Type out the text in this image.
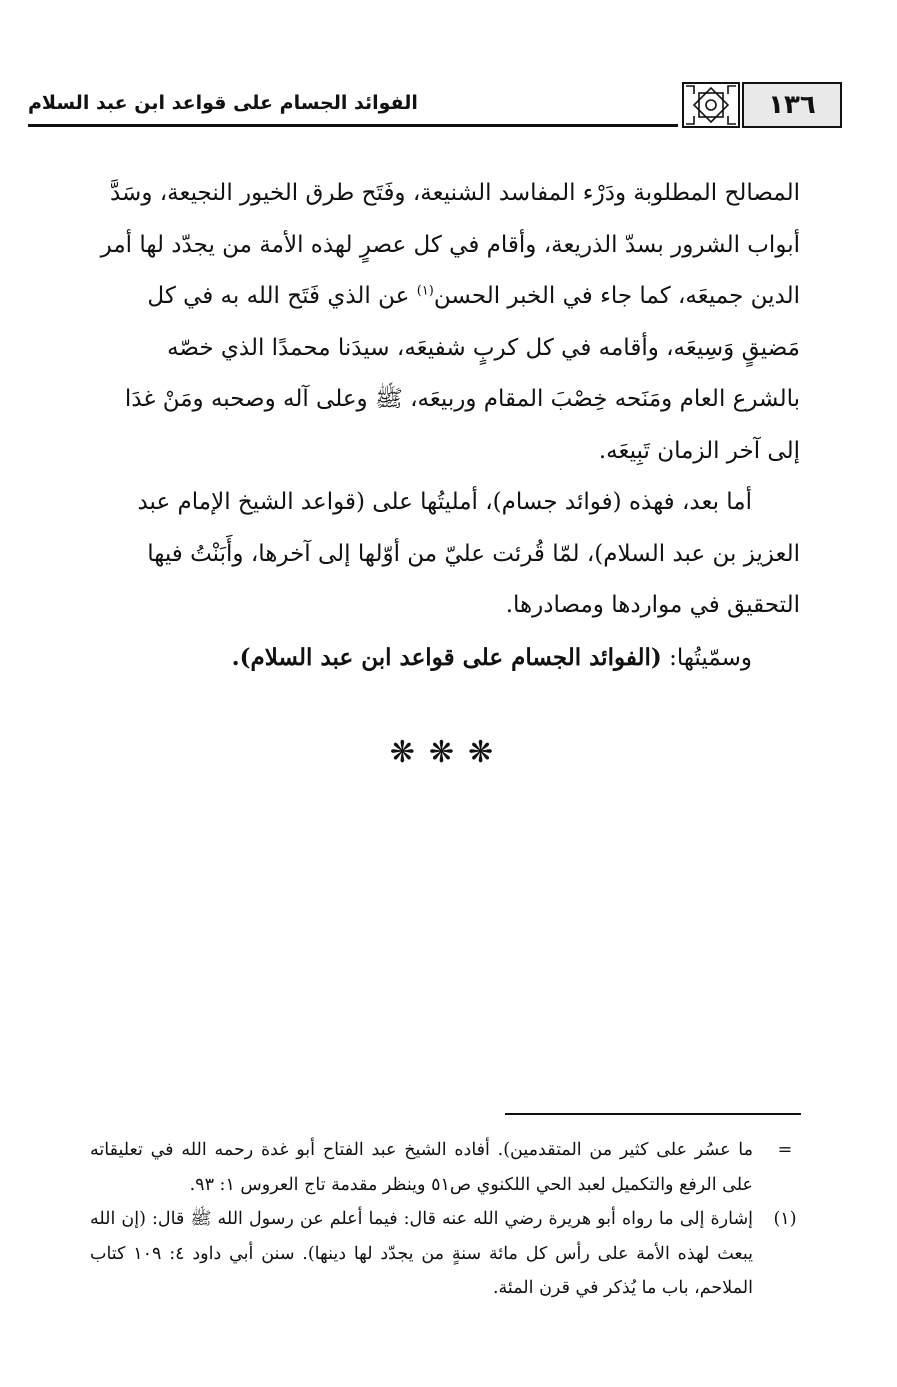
الفوائد الجسام على قواعد ابن عبد السلام	١٣٦

المصالح المطلوبة ودَرْء المفاسد الشنيعة، وفَتَح طرق الخيور النجيعة، وسَدَّ أبواب الشرور بسدّ الذريعة، وأقام في كل عصرٍ لهذه الأمة من يجدّد لها أمر الدين جميعَه، كما جاء في الخبر الحسن$^{(١)}$ عن الذي فَتَح الله به في كل مَضيقٍ وَسِيعَه، وأقامه في كل كربٍ شفيعَه، سيدَنا محمدًا الذي خصّه بالشرع العام ومَنَحه خِصْبَ المقام وربيعَه، ﷺ وعلى آله وصحبه ومَنْ غدَا إلى آخر الزمان تَبِيعَه.

أما بعد، فهذه (فوائد جسام)، أمليتُها على (قواعد الشيخ الإمام عبد العزيز بن عبد السلام)، لمّا قُرئت عليّ من أوّلها إلى آخرها، وأَبَنْتُ فيها التحقيق في مواردها ومصادرها.

وسمّيتُها: (الفوائد الجسام على قواعد ابن عبد السلام).

❋❋❋

=
ما عسُر على كثير من المتقدمين). أفاده الشيخ عبد الفتاح أبو غدة رحمه الله في تعليقاته على الرفع والتكميل لعبد الحي اللكنوي ص٥١ وينظر مقدمة تاج العروس ١: ٩٣.

(١)
إشارة إلى ما رواه أبو هريرة رضي الله عنه قال: فيما أعلم عن رسول الله ﷺ قال: (إن الله يبعث لهذه الأمة على رأس كل مائة سنةٍ من يجدّد لها دينها). سنن أبي داود ٤: ١٠٩ كتاب الملاحم، باب ما يُذكر في قرن المئة.
